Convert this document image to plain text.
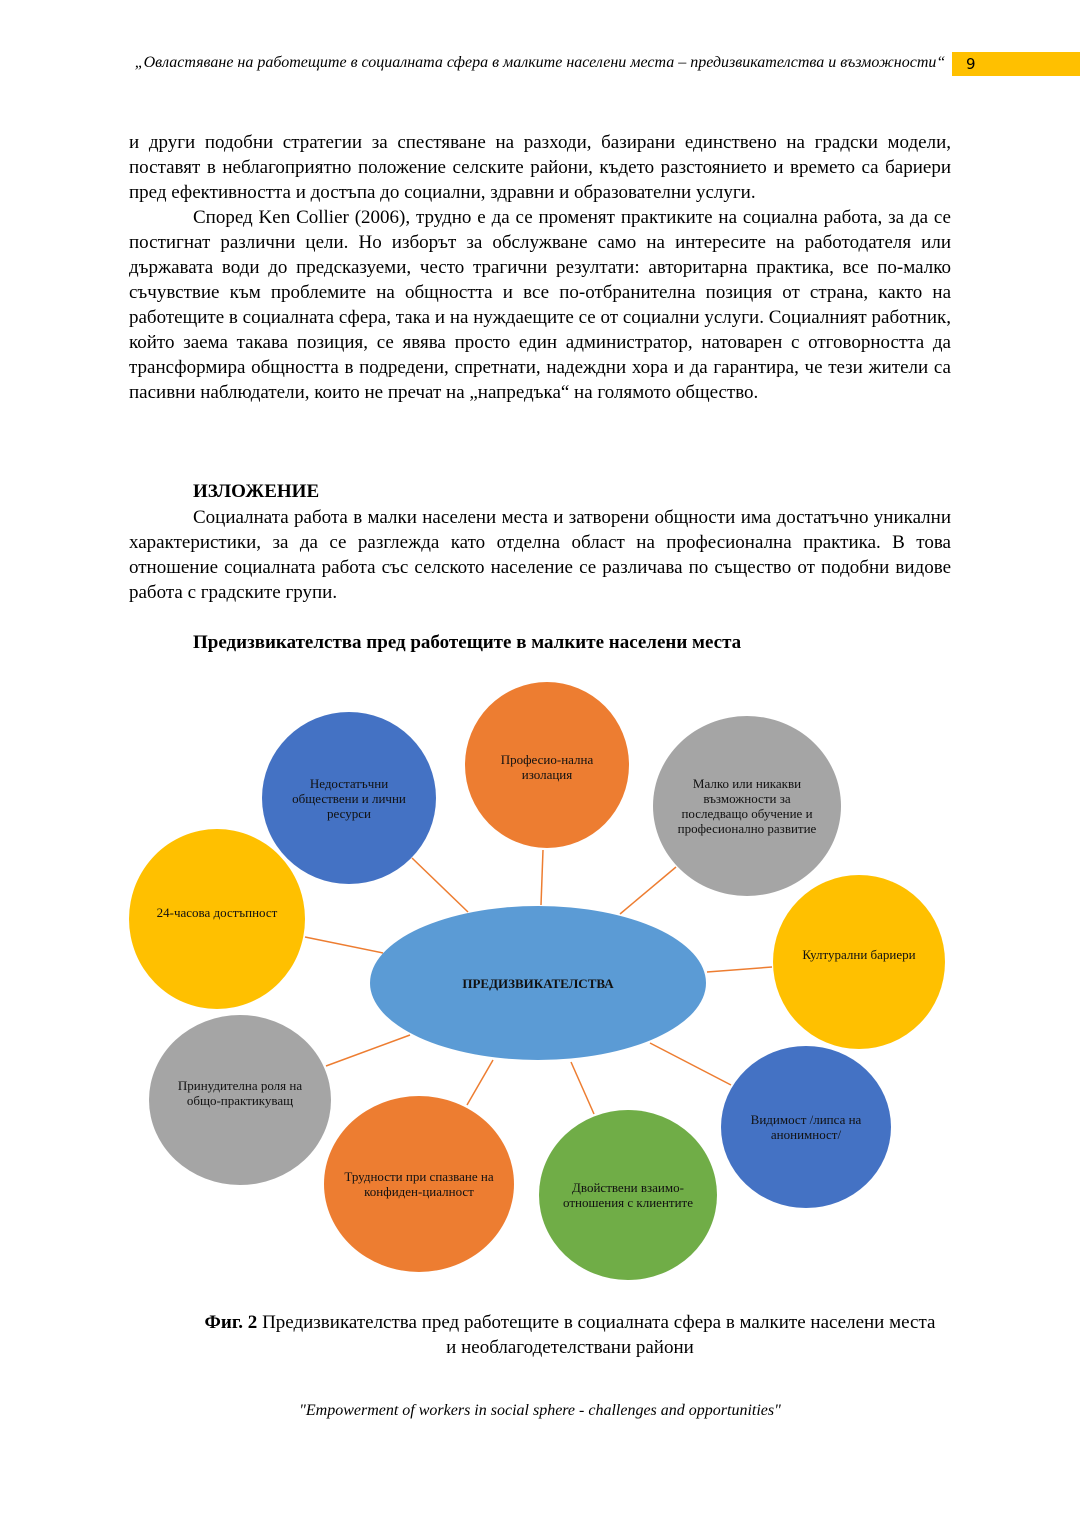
„Овластяване на работещите в социалната сфера в малките населени места – предизвикателства и възможности“	9

и други подобни стратегии за спестяване на разходи, базирани единствено на градски модели, поставят в неблагоприятно положение селските райони, където разстоянието и времето са бариери пред ефективността и достъпа до социални, здравни и образователни услуги.

Според Ken Collier (2006), трудно е да се променят практиките на социална работа, за да се постигнат различни цели. Но изборът за обслужване само на интересите на работодателя или държавата води до предсказуеми, често трагични резултати: авторитарна практика, все по-малко съчувствие към проблемите на общността и все по-отбранителна позиция от страна, както на работещите в социалната сфера, така и на нуждаещите се от социални услуги. Социалният работник, който заема такава позиция, се явява просто един администратор, натоварен с отговорността да трансформира общността в подредени, спретнати, надеждни хора и да гарантира, че тези жители са пасивни наблюдатели, които не пречат на „напредъка“ на голямото общество.

ИЗЛОЖЕНИЕ
Социалната работа в малки населени места и затворени общности има достатъчно уникални характеристики, за да се разглежда като отделна област на професионална практика. В това отношение социалната работа със селското население се различава по същество от подобни видове работа с градските групи.
Предизвикателства пред работещите в малките населени места
ПРЕДИЗВИКАТЕЛСТВА
Недостатъчни обществени и лични ресурси
Професио-нална изолация
Малко или никакви възможности за последващо обучение и професионално развитие
24-часова достъпност
Културални бариери
Принудителна роля на общо-практикуващ
Трудности при спазване на конфиден-циалност	Двойствени взаимо-отношения с клиентите
Видимост /липса на анонимност/
Фиг. 2 Предизвикателства пред работещите в социалната сфера в малките населени места и необлагодетелствани райони
"Empowerment of workers in social sphere - challenges and opportunities"
